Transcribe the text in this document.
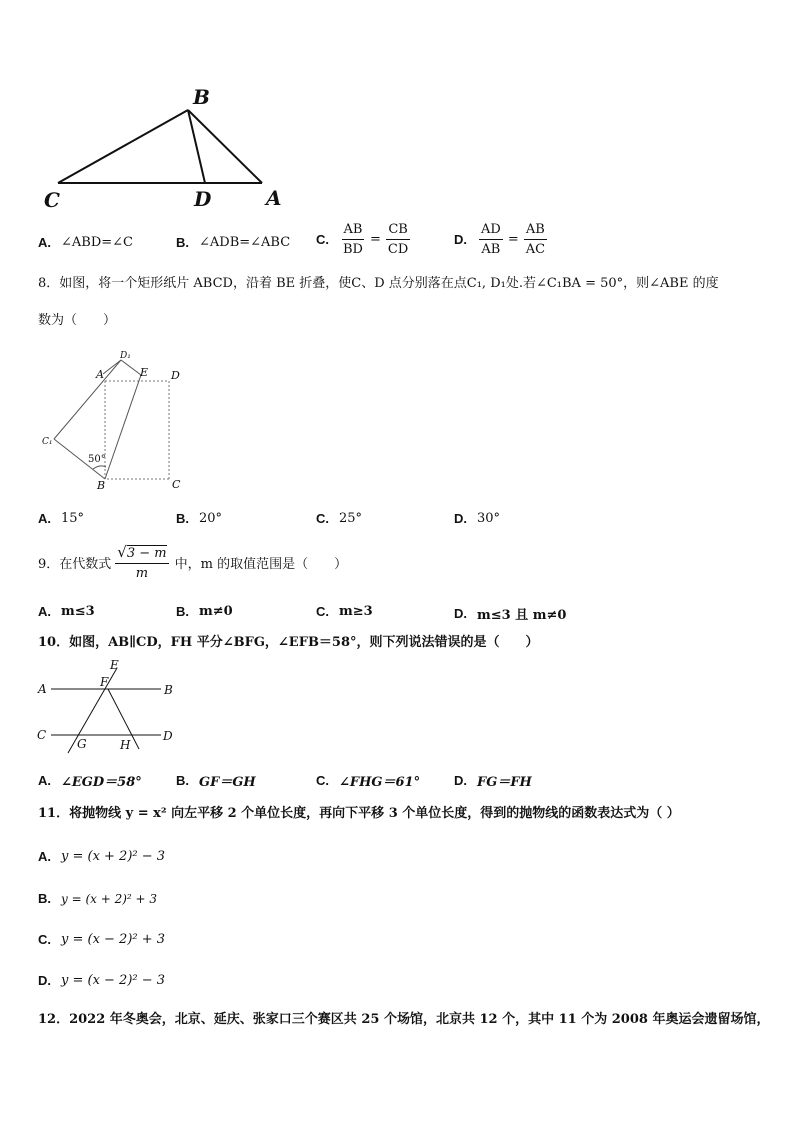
B
C	D	A
A. ∠ABD=∠C	B. ∠ADB=∠ABC C. $\frac{AB}{BD} = \frac{CB}{CD}$	D. $\frac{AD}{AB} = \frac{AB}{AC}$
8．如图，将一个矩形纸片 ABCD，沿着 BE 折叠，使C、D 点分别落在点C₁, D₁处.若∠C₁BA = 50°，则∠ABE 的度
数为（　　）
D₁
A	E D
C₁
50°
B	C
A. 15°	B. 20°	C. 25°	D. 30°
9．在代数式 $\frac{√ 3 - m}{m}$ 中，m 的取值范围是（　　）
A. m≤3	B. m≠0	C. m≥3	D. m≤3 且 m≠0
10．如图，AB∥CD，FH 平分∠BFG，∠EFB＝58°，则下列说法错误的是（　　）
E
F
A	B
C	D
G	H
A. ∠EGD＝58°	B. GF＝GH	C. ∠FHG＝61°	D. FG＝FH
11．将抛物线 y = x² 向左平移 2 个单位长度，再向下平移 3 个单位长度，得到的抛物线的函数表达式为（ ）
A. y = (x + 2)² − 3
B. y = (x + 2)² + 3
C. y = (x − 2)² + 3
D. y = (x − 2)² − 3
12．2022 年冬奥会，北京、延庆、张家口三个赛区共 25 个场馆，北京共 12 个，其中 11 个为 2008 年奥运会遗留场馆，
